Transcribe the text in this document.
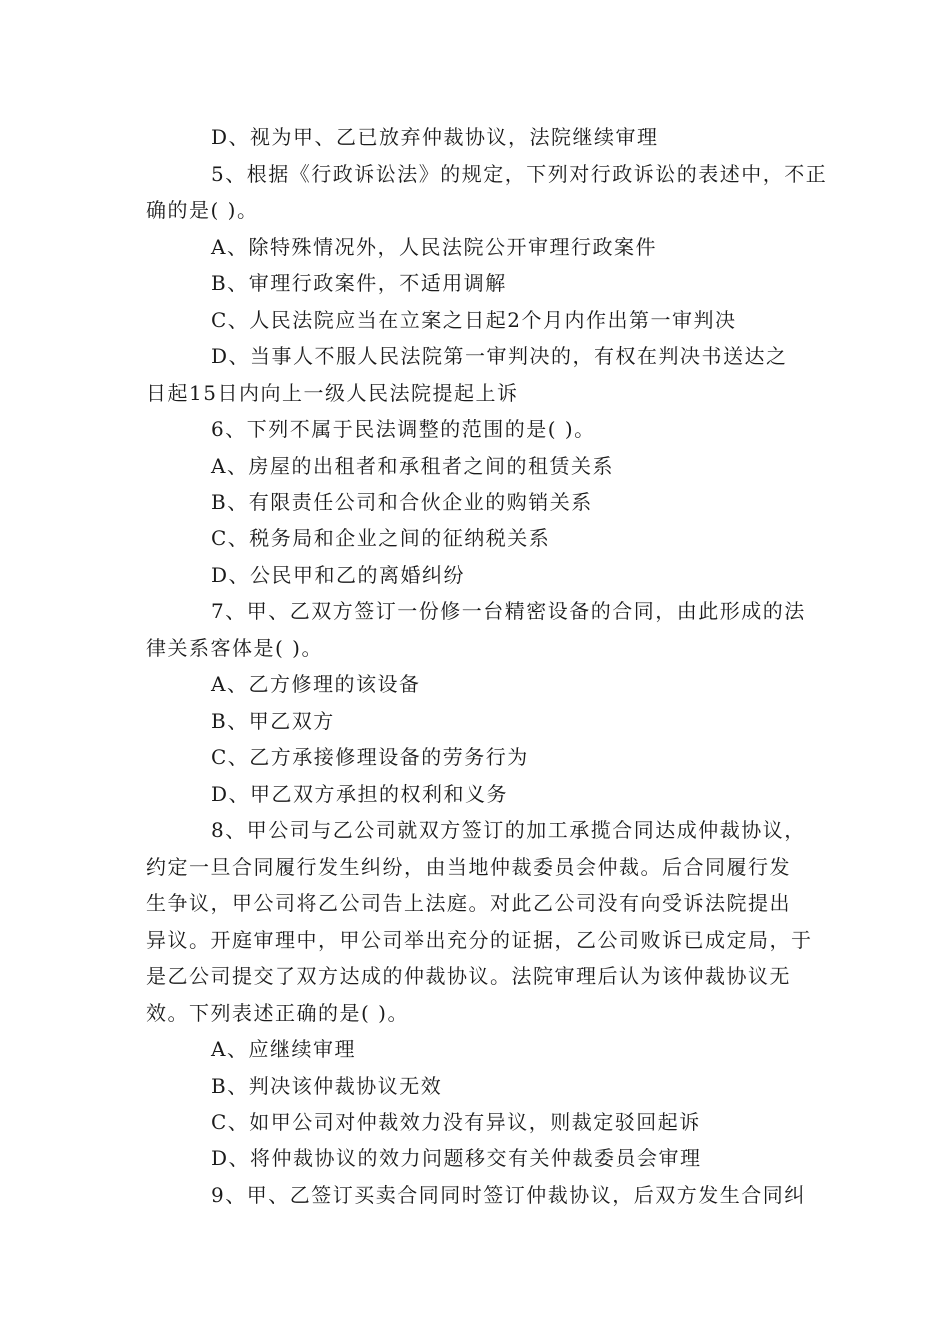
D、视为甲、乙已放弃仲裁协议，法院继续审理
5、根据《行政诉讼法》的规定，下列对行政诉讼的表述中，不正
确的是( )。
A、除特殊情况外，人民法院公开审理行政案件
B、审理行政案件，不适用调解
C、人民法院应当在立案之日起2个月内作出第一审判决
D、当事人不服人民法院第一审判决的，有权在判决书送达之
日起15日内向上一级人民法院提起上诉
6、下列不属于民法调整的范围的是( )。
A、房屋的出租者和承租者之间的租赁关系
B、有限责任公司和合伙企业的购销关系
C、税务局和企业之间的征纳税关系
D、公民甲和乙的离婚纠纷
7、甲、乙双方签订一份修一台精密设备的合同，由此形成的法
律关系客体是( )。
A、乙方修理的该设备
B、甲乙双方
C、乙方承接修理设备的劳务行为
D、甲乙双方承担的权利和义务
8、甲公司与乙公司就双方签订的加工承揽合同达成仲裁协议，
约定一旦合同履行发生纠纷，由当地仲裁委员会仲裁。后合同履行发
生争议，甲公司将乙公司告上法庭。对此乙公司没有向受诉法院提出
异议。开庭审理中，甲公司举出充分的证据，乙公司败诉已成定局，于
是乙公司提交了双方达成的仲裁协议。法院审理后认为该仲裁协议无
效。下列表述正确的是( )。
A、应继续审理
B、判决该仲裁协议无效
C、如甲公司对仲裁效力没有异议，则裁定驳回起诉
D、将仲裁协议的效力问题移交有关仲裁委员会审理
9、甲、乙签订买卖合同同时签订仲裁协议，后双方发生合同纠
